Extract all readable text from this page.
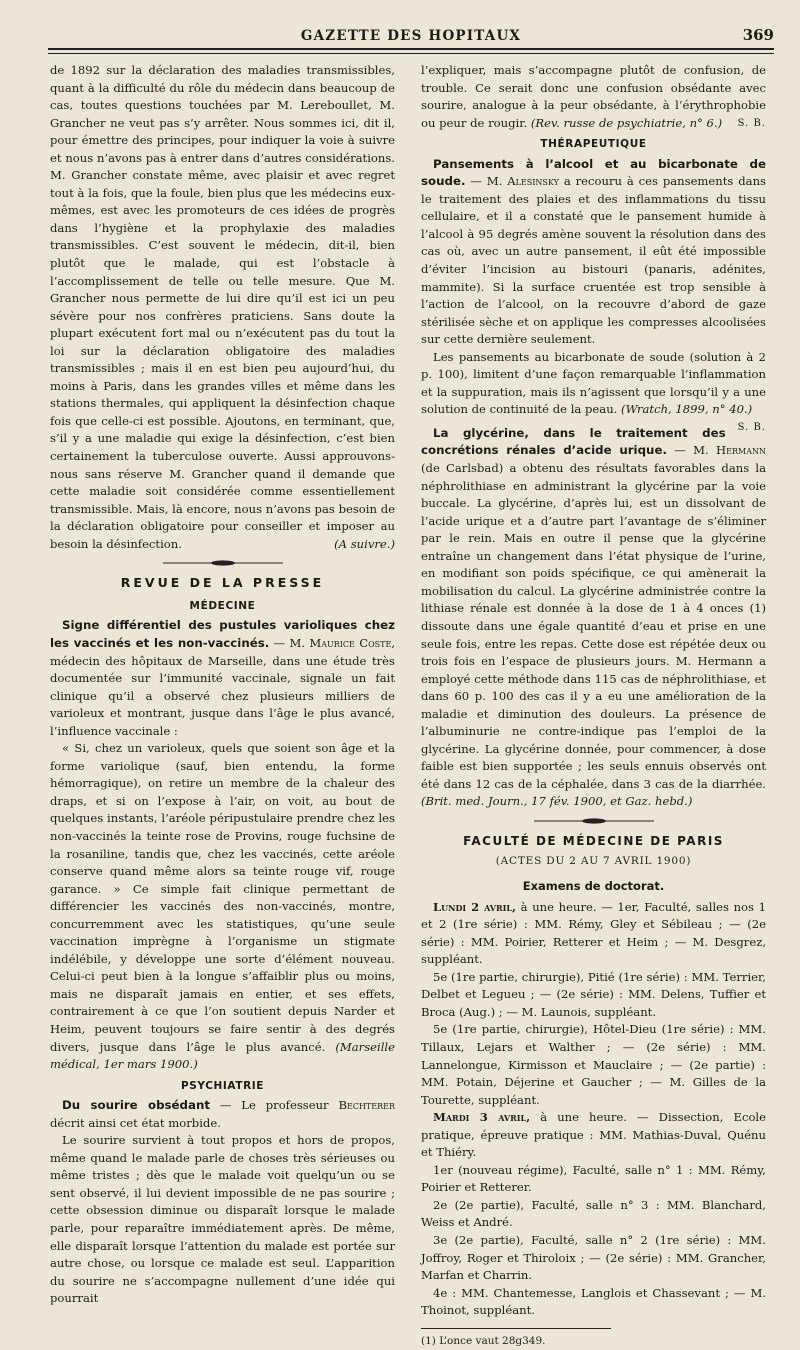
GAZETTE DES HOPITAUX	369

de 1892 sur la déclaration des maladies transmissibles, quant à la difficulté du rôle du médecin dans beaucoup de cas, toutes questions touchées par M. Lereboullet, M. Grancher ne veut pas s’y arrêter. Nous sommes ici, dit il, pour émettre des principes, pour indiquer la voie à suivre et nous n’avons pas à entrer dans d’autres considérations. M. Grancher constate même, avec plaisir et avec regret tout à la fois, que la foule, bien plus que les médecins eux-mêmes, est avec les promoteurs de ces idées de progrès dans l’hygiène et la prophylaxie des maladies transmissibles. C’est souvent le médecin, dit-il, bien plutôt que le malade, qui est l’obstacle à l’accomplissement de telle ou telle mesure. Que M. Grancher nous permette de lui dire qu’il est ici un peu sévère pour nos confrères praticiens. Sans doute la plupart exécutent fort mal ou n’exécutent pas du tout la loi sur la déclaration obligatoire des maladies transmissibles ; mais il en est bien peu aujourd’hui, du moins à Paris, dans les grandes villes et même dans les stations thermales, qui appliquent la désinfection chaque fois que celle-ci est possible. Ajoutons, en terminant, que, s’il y a une maladie qui exige la désinfection, c’est bien certainement la tuberculose ouverte. Aussi approuvons-nous sans réserve M. Grancher quand il demande que cette maladie soit considérée comme essentiellement transmissible. Mais, là encore, nous n’avons pas besoin de la déclaration obligatoire pour conseiller et imposer au besoin la désinfection.	(A suivre.)

REVUE DE LA PRESSE
MÉDECINE

Signe différentiel des pustules varioliques chez les vaccinés et les non-vaccinés. — M. Maurice Coste, médecin des hôpitaux de Marseille, dans une étude très documentée sur l’immunité vaccinale, signale un fait clinique qu’il a observé chez plusieurs milliers de varioleux et montrant, jusque dans l’âge le plus avancé, l’influence vaccinale :

« Si, chez un varioleux, quels que soient son âge et la forme variolique (sauf, bien entendu, la forme hémorragique), on retire un membre de la chaleur des draps, et si on l’expose à l’air, on voit, au bout de quelques instants, l’aréole péripustulaire prendre chez les non-vaccinés la teinte rose de Provins, rouge fuchsine de la rosaniline, tandis que, chez les vaccinés, cette aréole conserve quand même alors sa teinte rouge vif, rouge garance. » Ce simple fait clinique permettant de différencier les vaccinés des non-vaccinés, montre, concurremment avec les statistiques, qu’une seule vaccination imprègne à l’organisme un stigmate indélébile, y développe une sorte d’élément nouveau. Celui-ci peut bien à la longue s’affaiblir plus ou moins, mais ne disparaît jamais en entier, et ses effets, contrairement à ce que l’on soutient depuis Narder et Heim, peuvent toujours se faire sentir à des degrés divers, jusque dans l’âge le plus avancé. (Marseille médical, 1er mars 1900.)

PSYCHIATRIE

Du sourire obsédant — Le professeur Bechterer décrit ainsi cet état morbide.

Le sourire survient à tout propos et hors de propos, même quand le malade parle de choses très sérieuses ou même tristes ; dès que le malade voit quelqu’un ou se sent observé, il lui devient impossible de ne pas sourire ; cette obsession diminue ou disparaît lorsque le malade parle, pour reparaître immédiatement après. De même, elle disparaît lorsque l’attention du malade est portée sur autre chose, ou lorsque ce malade est seul. L’apparition du sourire ne s’accompagne nullement d’une idée qui pourrait

l’expliquer, mais s’accompagne plutôt de confusion, de trouble. Ce serait donc une confusion obsédante avec sourire, analogue à la peur obsédante, à l’érythrophobie ou peur de rougir. (Rev. russe de psychiatrie, n° 6.) S. B.

THÉRAPEUTIQUE

Pansements à l’alcool et au bicarbonate de soude. — M. Alesinsky a recouru à ces pansements dans le traitement des plaies et des inflammations du tissu cellulaire, et il a constaté que le pansement humide à l’alcool à 95 degrés amène souvent la résolution dans des cas où, avec un autre pansement, il eût été impossible d’éviter l’incision au bistouri (panaris, adénites, mammite). Si la surface cruentée est trop sensible à l’action de l’alcool, on la recouvre d’abord de gaze stérilisée sèche et on applique les compresses alcoolisées sur cette dernière seulement.

Les pansements au bicarbonate de soude (solution à 2 p. 100), limitent d’une façon remarquable l’inflammation et la suppuration, mais ils n’agissent que lorsqu’il y a une solution de continuité de la peau. (Wratch, 1899, n° 40.)
S. B.

La glycérine, dans le traitement des concrétions rénales d’acide urique. — M. Hermann (de Carlsbad) a obtenu des résultats favorables dans la néphrolithiase en administrant la glycérine par la voie buccale. La glycérine, d’après lui, est un dissolvant de l’acide urique et a d’autre part l’avantage de s’éliminer par le rein. Mais en outre il pense que la glycérine entraîne un changement dans l’état physique de l’urine, en modifiant son poids spécifique, ce qui amènerait la mobilisation du calcul. La glycérine administrée contre la lithiase rénale est donnée à la dose de 1 à 4 onces (1) dissoute dans une égale quantité d’eau et prise en une seule fois, entre les repas. Cette dose est répétée deux ou trois fois en l’espace de plusieurs jours. M. Hermann a employé cette méthode dans 115 cas de néphrolithiase, et dans 60 p. 100 des cas il y a eu une amélioration de la maladie et diminution des douleurs. La présence de l’albuminurie ne contre-indique pas l’emploi de la glycérine. La glycérine donnée, pour commencer, à dose faible est bien supportée ; les seuls ennuis observés ont été dans 12 cas de la céphalée, dans 3 cas de la diarrhée. (Brit. med. Journ., 17 fév. 1900, et Gaz. hebd.)

FACULTÉ DE MÉDECINE DE PARIS
(ACTES DU 2 AU 7 AVRIL 1900)
Examens de doctorat.

Lundi 2 avril, à une heure. — 1er, Faculté, salles nos 1 et 2 (1re série) : MM. Rémy, Gley et Sébileau ; — (2e série) : MM. Poirier, Retterer et Heim ; — M. Desgrez, suppléant.

5e (1re partie, chirurgie), Pitié (1re série) : MM. Terrier, Delbet et Legueu ; — (2e série) : MM. Delens, Tuffier et Broca (Aug.) ; — M. Launois, suppléant.

5e (1re partie, chirurgie), Hôtel-Dieu (1re série) : MM. Tillaux, Lejars et Walther ; — (2e série) : MM. Lannelongue, Kirmisson et Mauclaire ; — (2e partie) : MM. Potain, Déjerine et Gaucher ; — M. Gilles de la Tourette, suppléant.

Mardi 3 avril, à une heure. — Dissection, Ecole pratique, épreuve pratique : MM. Mathias-Duval, Quénu et Thiéry.

1er (nouveau régime), Faculté, salle n° 1 : MM. Rémy, Poirier et Retterer.

2e (2e partie), Faculté, salle n° 3 : MM. Blanchard, Weiss et André.

3e (2e partie), Faculté, salle n° 2 (1re série) : MM. Joffroy, Roger et Thiroloix ; — (2e série) : MM. Grancher, Marfan et Charrin.

4e : MM. Chantemesse, Langlois et Chassevant ; — M. Thoinot, suppléant.

(1) L’once vaut 28g349.
